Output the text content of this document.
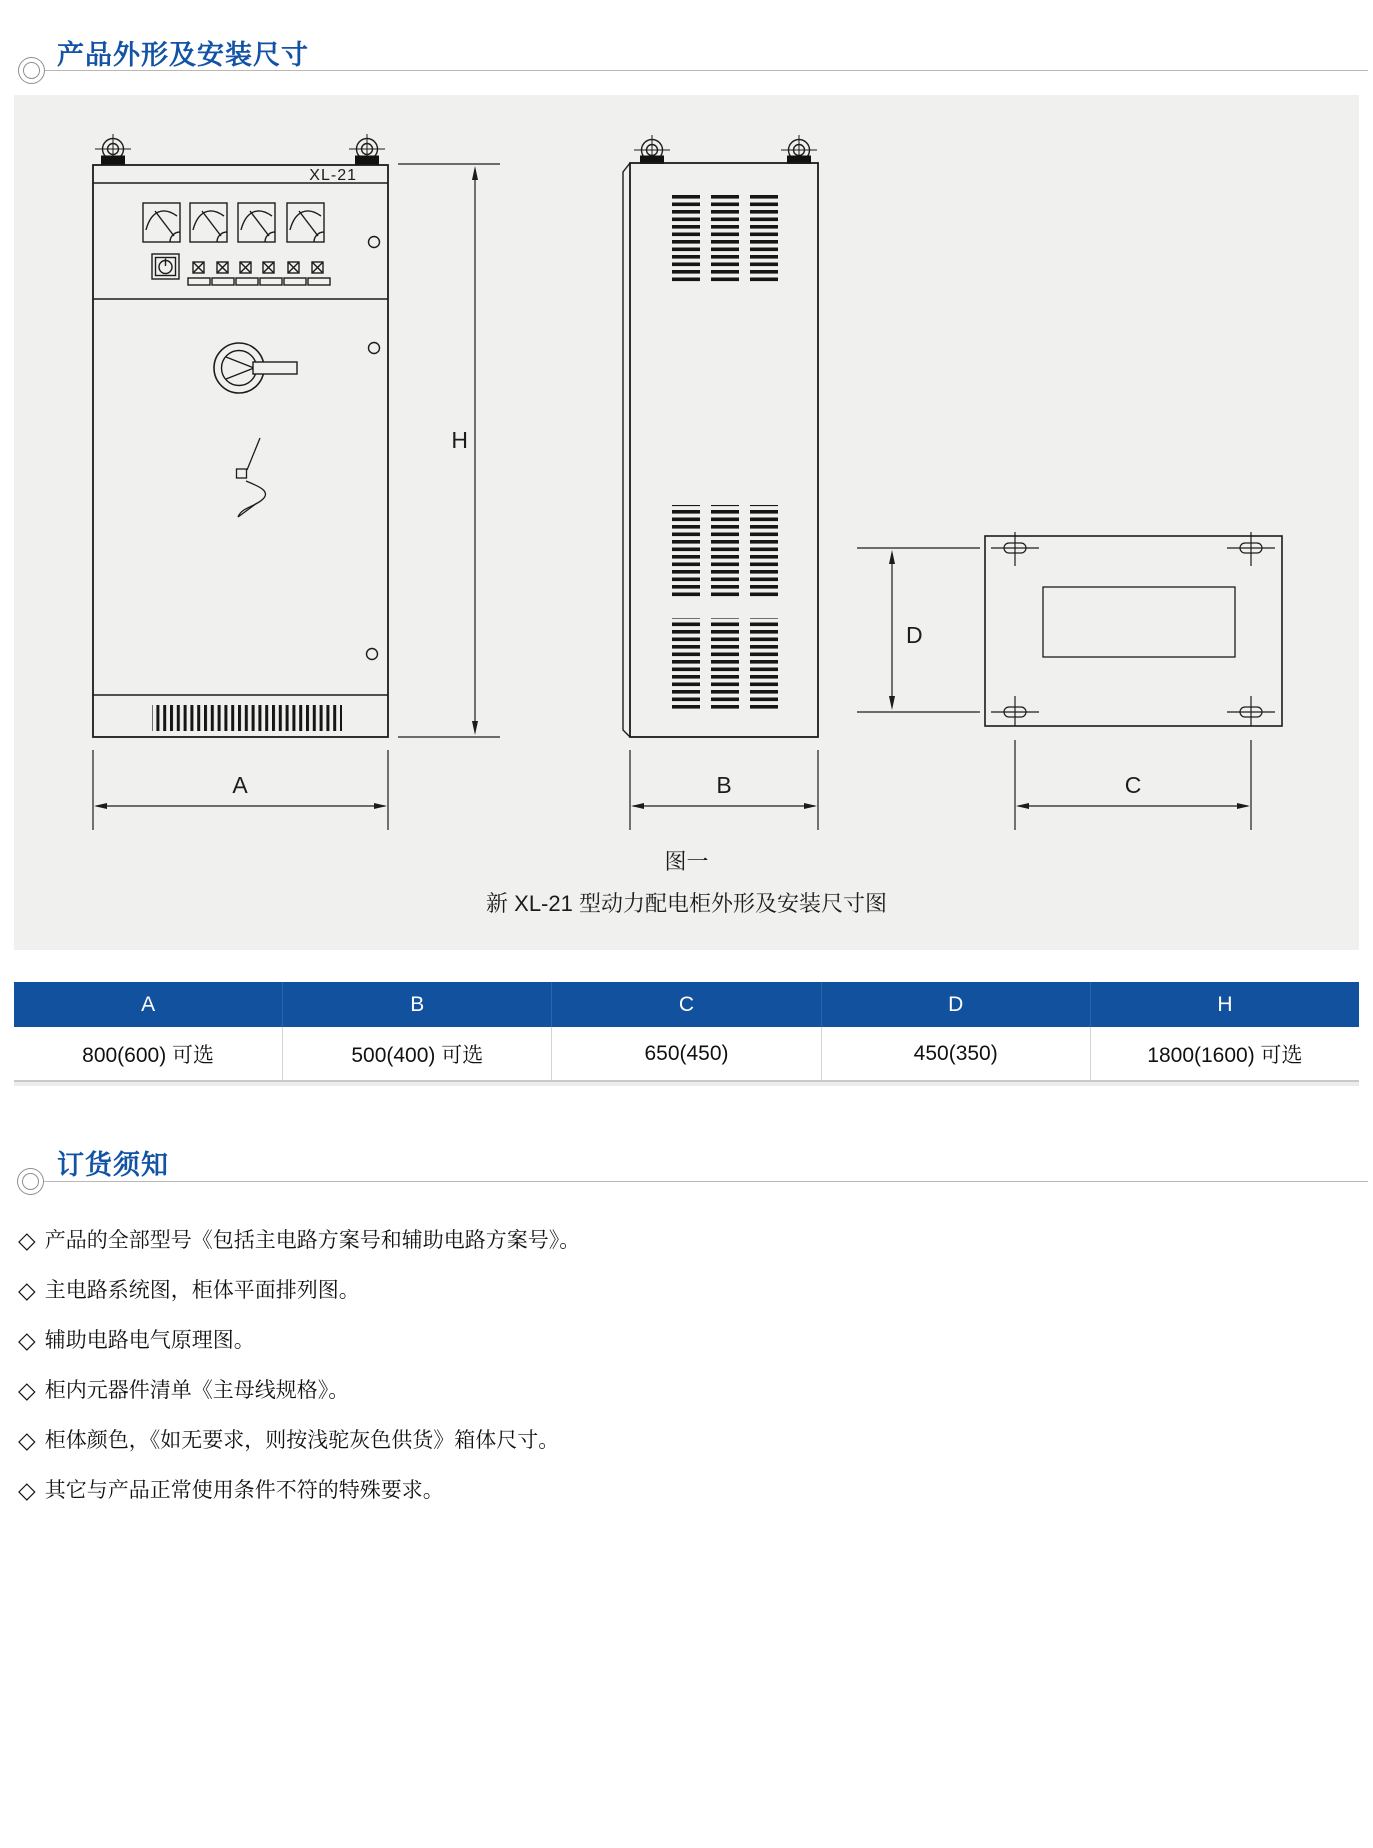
产品外形及安装尺寸
H
A	B
D
C
XL-21
图一
新 XL-21 型动力配电柜外形及安装尺寸图
A	B	C	D	H
800(600) 可选	500(400) 可选	650(450)	450(350)	1800(1600) 可选
订货须知
◇ 产品的全部型号《包括主电路方案号和辅助电路方案号》。
◇ 主电路系统图，柜体平面排列图。
◇ 辅助电路电气原理图。
◇ 柜内元器件清单《主母线规格》。
◇ 柜体颜色，《如无要求，则按浅驼灰色供货》箱体尺寸。
◇ 其它与产品正常使用条件不符的特殊要求。
